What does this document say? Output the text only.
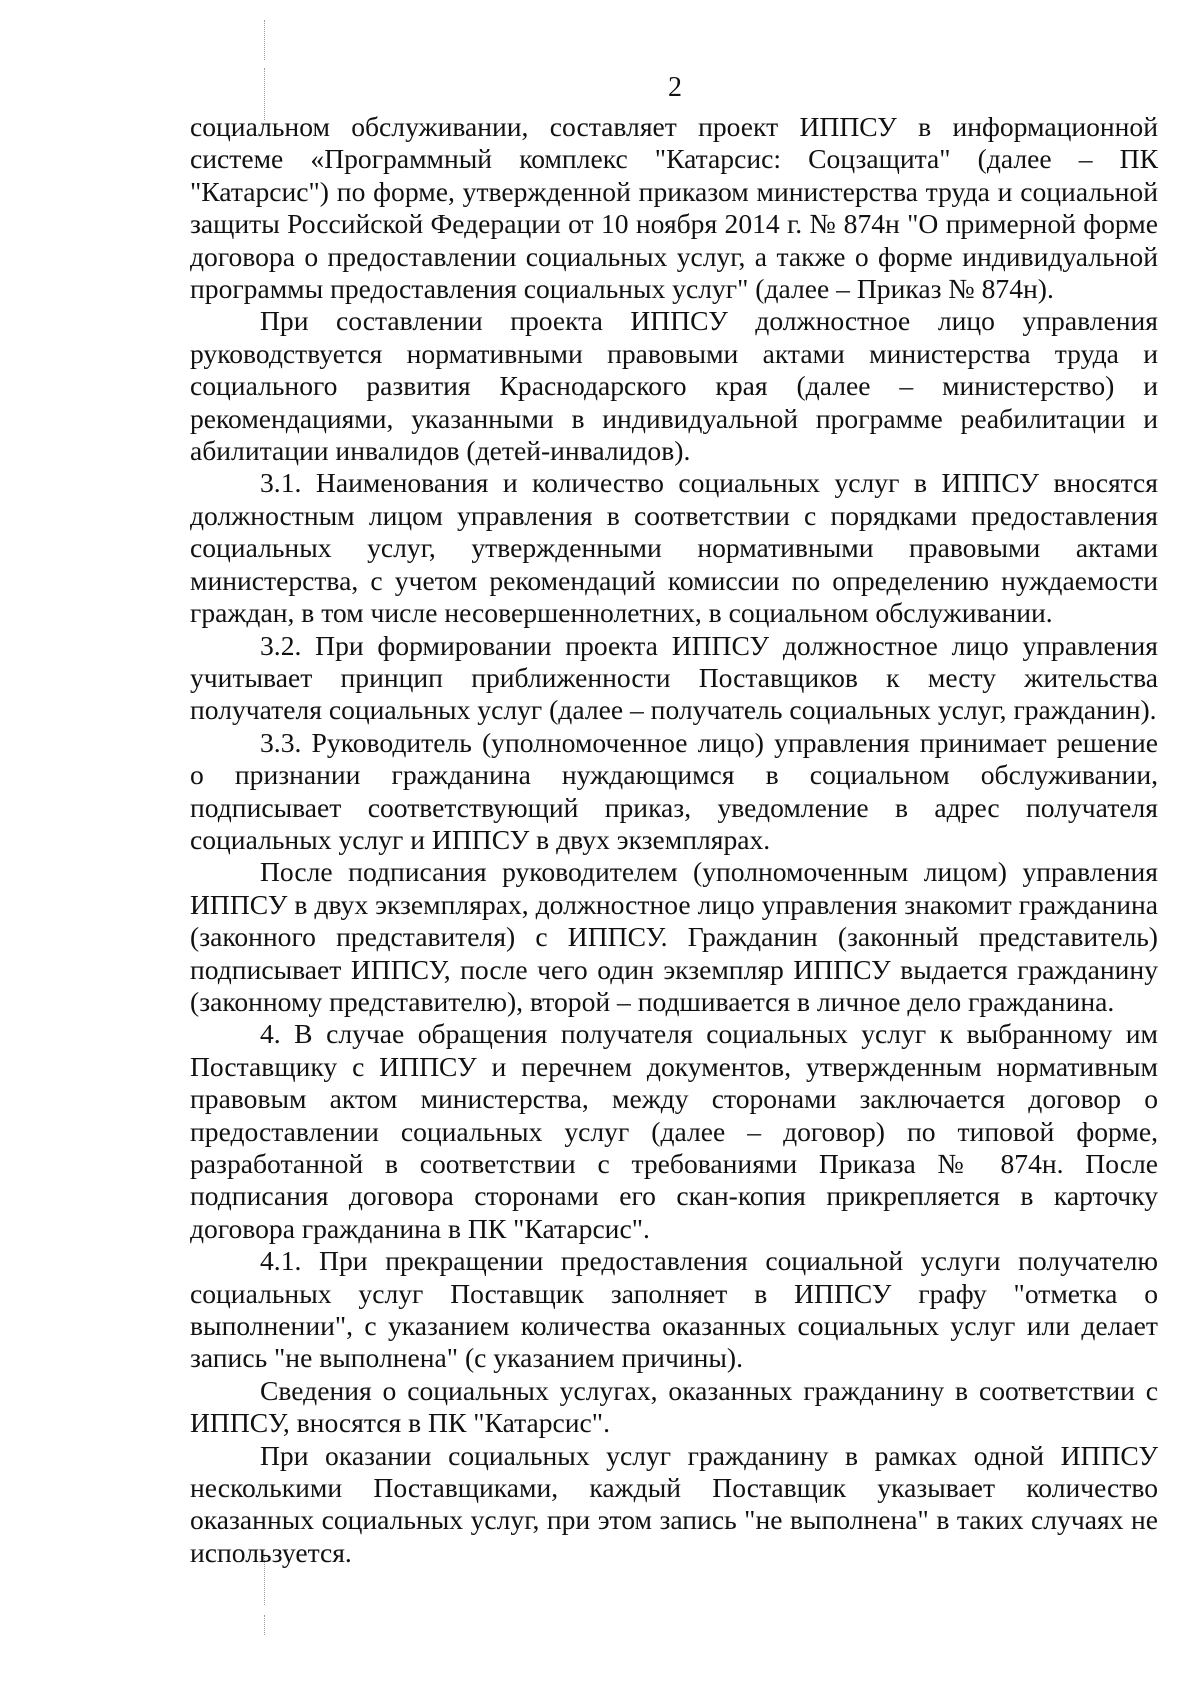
2

социальном обслуживании, составляет проект ИППСУ в информационной системе «Программный комплекс "Катарсис: Соцзащита" (далее – ПК "Катарсис") по форме, утвержденной приказом министерства труда и социальной защиты Российской Федерации от 10 ноября 2014 г. № 874н "О примерной форме договора о предоставлении социальных услуг, а также о форме индивидуальной программы предоставления социальных услуг" (далее – Приказ № 874н).

При составлении проекта ИППСУ должностное лицо управления руководствуется нормативными правовыми актами министерства труда и социального развития Краснодарского края (далее – министерство) и рекомендациями, указанными в индивидуальной программе реабилитации и абилитации инвалидов (детей-инвалидов).

3.1. Наименования и количество социальных услуг в ИППСУ вносятся должностным лицом управления в соответствии с порядками предоставления социальных услуг, утвержденными нормативными правовыми актами министерства, с учетом рекомендаций комиссии по определению нуждаемости граждан, в том числе несовершеннолетних, в социальном обслуживании.

3.2. При формировании проекта ИППСУ должностное лицо управления учитывает принцип приближенности Поставщиков к месту жительства получателя социальных услуг (далее – получатель социальных услуг, гражданин).

3.3. Руководитель (уполномоченное лицо) управления принимает решение о признании гражданина нуждающимся в социальном обслуживании, подписывает соответствующий приказ, уведомление в адрес получателя социальных услуг и ИППСУ в двух экземплярах.

После подписания руководителем (уполномоченным лицом) управления ИППСУ в двух экземплярах, должностное лицо управления знакомит гражданина (законного представителя) с ИППСУ. Гражданин (законный представитель) подписывает ИППСУ, после чего один экземпляр ИППСУ выдается гражданину (законному представителю), второй – подшивается в личное дело гражданина.

4. В случае обращения получателя социальных услуг к выбранному им Поставщику с ИППСУ и перечнем документов, утвержденным нормативным правовым актом министерства, между сторонами заключается договор о предоставлении социальных услуг (далее – договор) по типовой форме, разработанной в соответствии с требованиями Приказа № 874н. После подписания договора сторонами его скан-копия прикрепляется в карточку договора гражданина в ПК "Катарсис".

4.1. При прекращении предоставления социальной услуги получателю социальных услуг Поставщик заполняет в ИППСУ графу "отметка о выполнении", с указанием количества оказанных социальных услуг или делает запись "не выполнена" (с указанием причины).

Сведения о социальных услугах, оказанных гражданину в соответствии с ИППСУ, вносятся в ПК "Катарсис".

При оказании социальных услуг гражданину в рамках одной ИППСУ несколькими Поставщиками, каждый Поставщик указывает количество оказанных социальных услуг, при этом запись "не выполнена" в таких случаях не используется.
